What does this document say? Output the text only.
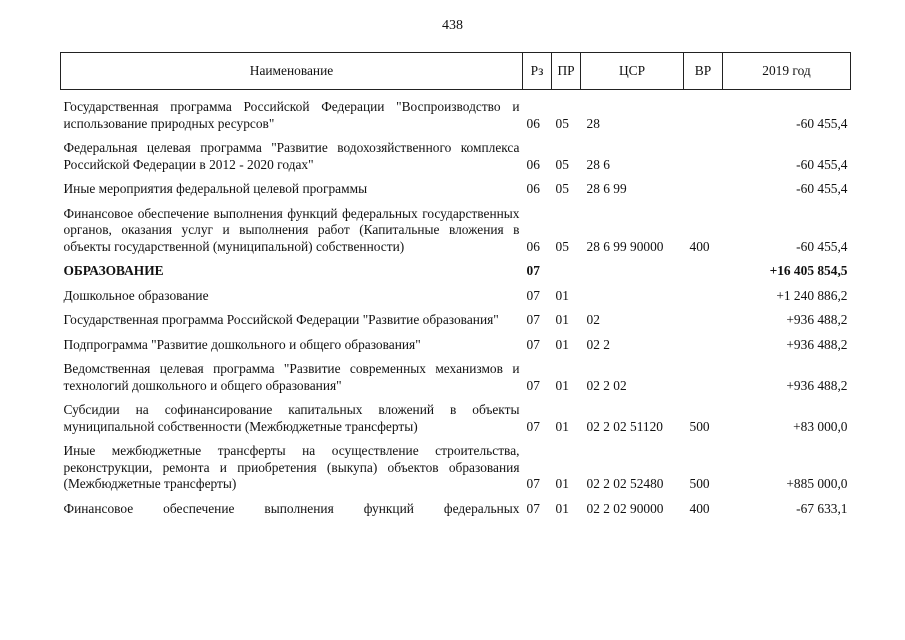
438
Наименование	Рз	ПР	ЦСР	ВР	2019 год
Государственная программа Российской Федерации "Воспроизводство и использование природных ресурсов"	06	05	28		-60 455,4
Федеральная целевая программа "Развитие водохозяйственного комплекса Российской Федерации в 2012 - 2020 годах"	06	05	28 6		-60 455,4
Иные мероприятия федеральной целевой программы	06	05	28 6 99		-60 455,4
Финансовое обеспечение выполнения функций федеральных государственных органов, оказания услуг и выполнения работ (Капитальные вложения в объекты государственной (муниципальной) собственности)	06	05	28 6 99 90000	400	-60 455,4
ОБРАЗОВАНИЕ	07				+16 405 854,5
Дошкольное образование	07	01			+1 240 886,2
Государственная программа Российской Федерации "Развитие образования"	07	01	02		+936 488,2
Подпрограмма "Развитие дошкольного и общего образования"	07	01	02 2		+936 488,2
Ведомственная целевая программа "Развитие современных механизмов и технологий дошкольного и общего образования"	07	01	02 2 02		+936 488,2
Субсидии на софинансирование капитальных вложений в объекты муниципальной собственности (Межбюджетные трансферты)	07	01	02 2 02 51120	500	+83 000,0
Иные межбюджетные трансферты на осуществление строительства, реконструкции, ремонта и приобретения (выкупа) объектов образования (Межбюджетные трансферты)	07	01	02 2 02 52480	500	+885 000,0
Финансовое обеспечение выполнения функций федеральных	07	01	02 2 02 90000	400	-67 633,1
